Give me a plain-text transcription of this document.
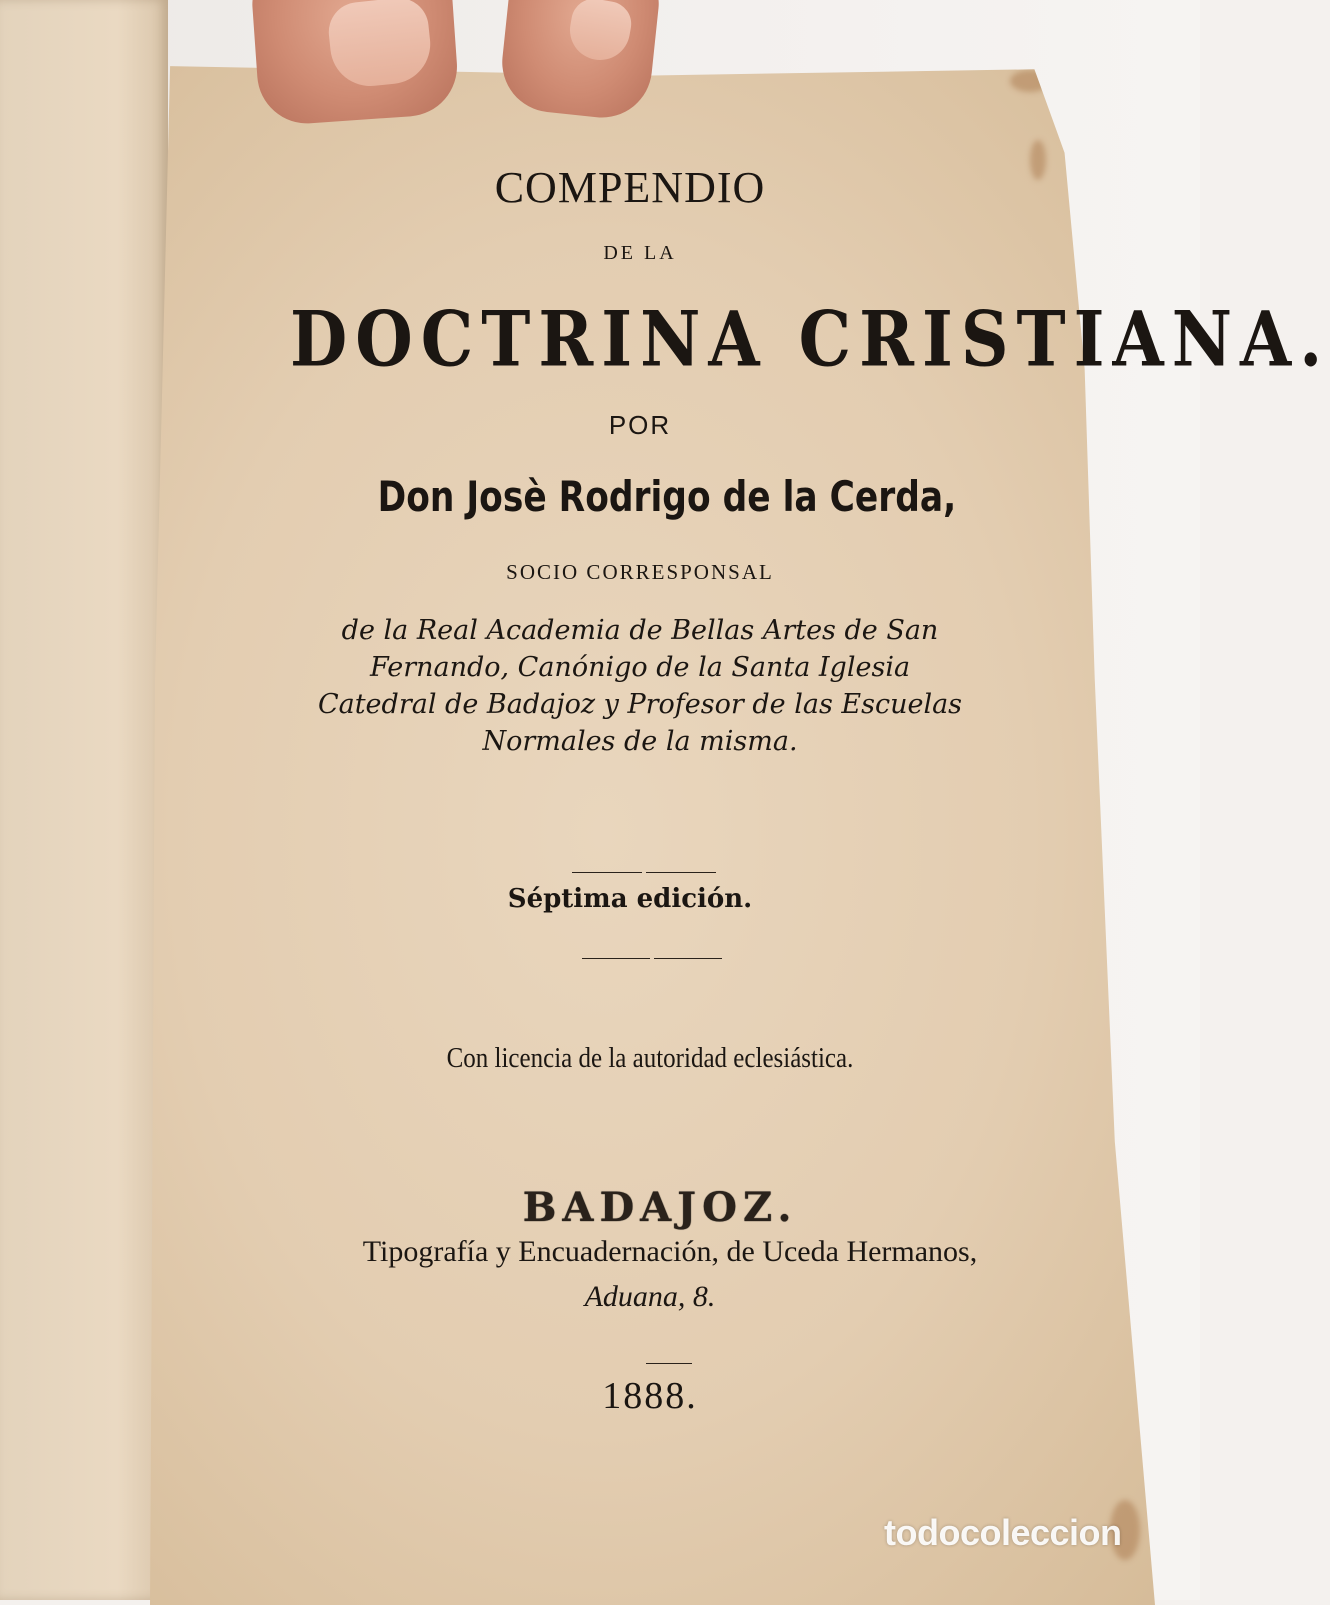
COMPENDIO
DE LA
DOCTRINA CRISTIANA.
POR
Don Josè Rodrigo de la Cerda,
SOCIO CORRESPONSAL
de la Real Academia de Bellas Artes de San
Fernando, Canónigo de la Santa Iglesia
Catedral de Badajoz y Profesor de las Escuelas
Normales de la misma.
Séptima edición.
Con licencia de la autoridad eclesiástica.
BADAJOZ.
Tipografía y Encuadernación, de Uceda Hermanos,
Aduana, 8.
1888.
todocoleccion
